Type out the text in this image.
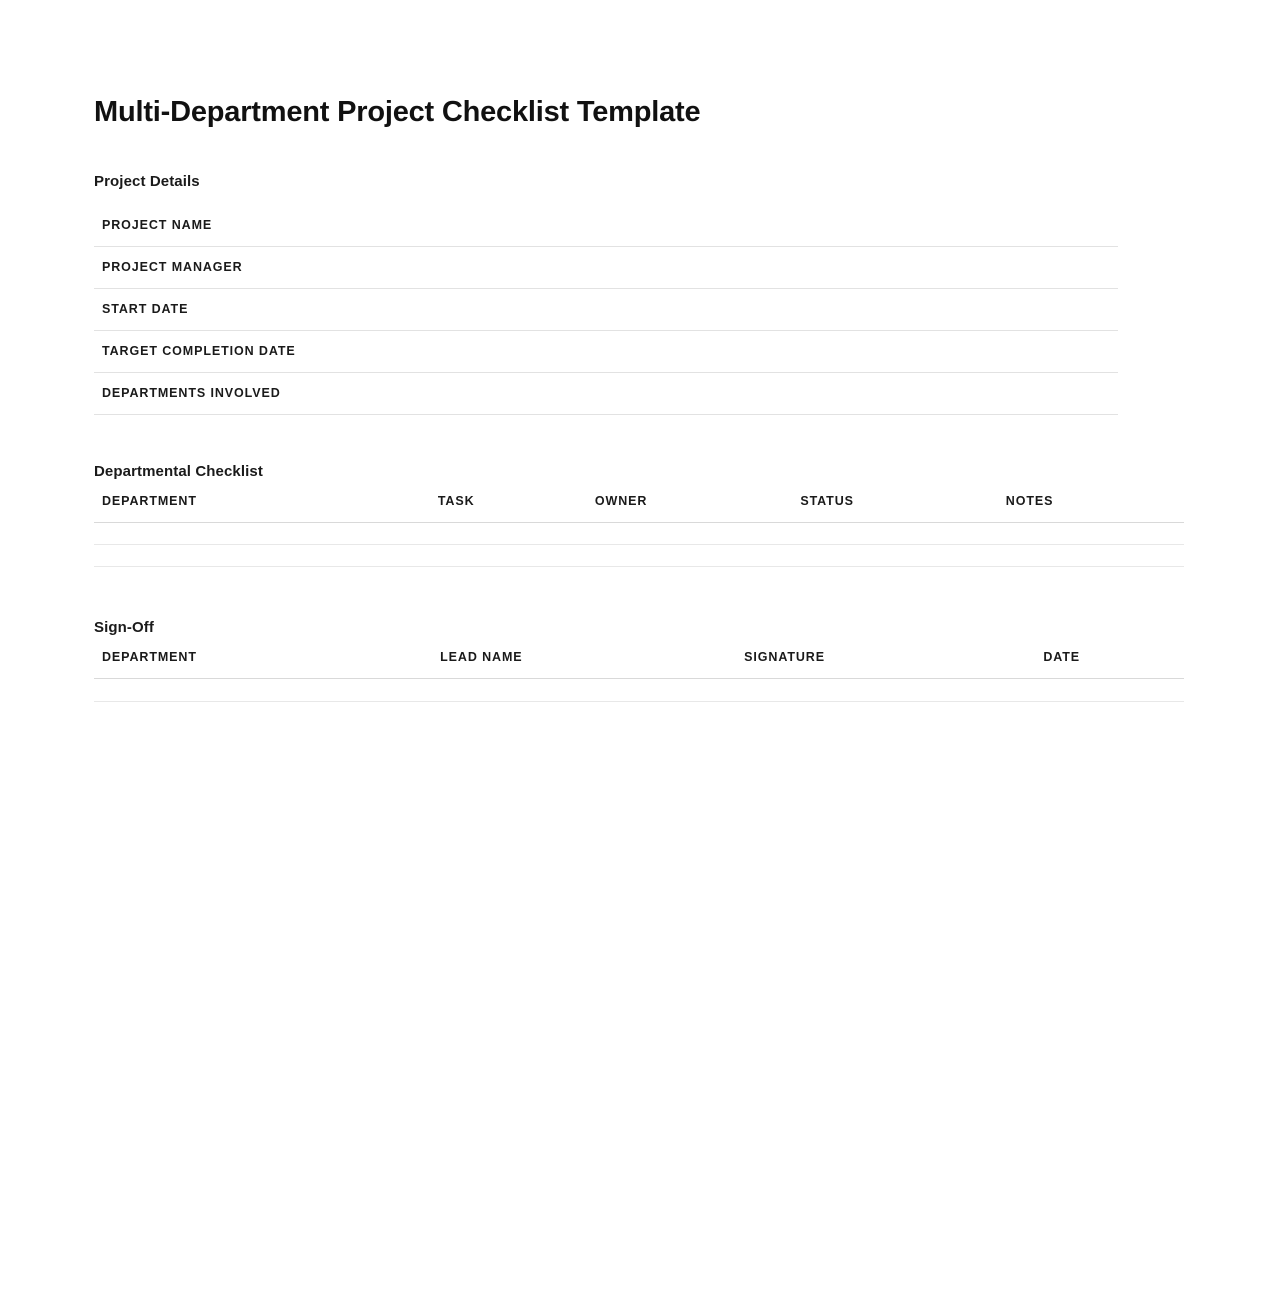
Multi-Department Project Checklist Template
Project Details
PROJECT NAME
PROJECT MANAGER
START DATE
TARGET COMPLETION DATE
DEPARTMENTS INVOLVED
Departmental Checklist
DEPARTMENT	TASK	OWNER	STATUS	NOTES

Sign-Off
DEPARTMENT	LEAD NAME	SIGNATURE	DATE
